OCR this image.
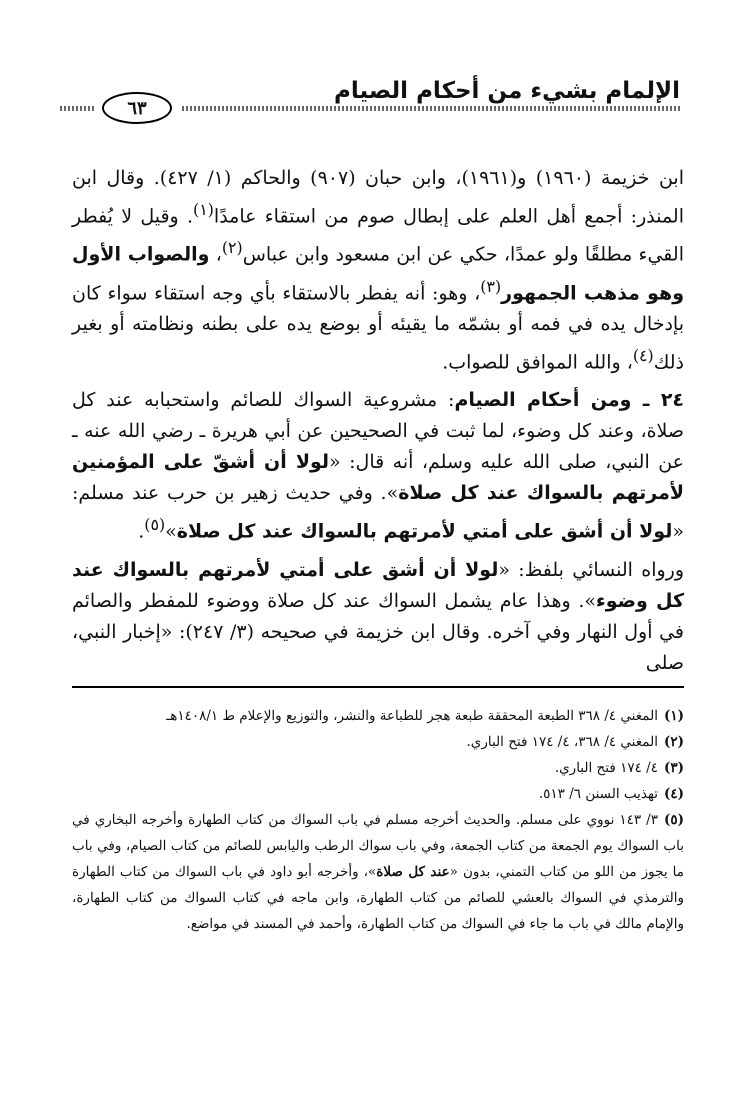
الإلمام بشيء من أحكام الصيام
٦٣

ابن خزيمة (١٩٦٠) و(١٩٦١)، وابن حبان (٩٠٧) والحاكم (١/ ٤٢٧). وقال ابن المنذر: أجمع أهل العلم على إبطال صوم من استقاء عامدًا$^{(١)}$. وقيل لا يُفطر القيء مطلقًا ولو عمدًا، حكي عن ابن مسعود وابن عباس$^{(٢)}$، والصواب الأول وهو مذهب الجمهور$^{(٣)}$، وهو: أنه يفطر بالاستقاء بأي وجه استقاء سواء كان بإدخال يده في فمه أو بشمّه ما يقيئه أو بوضع يده على بطنه ونظامته أو بغير ذلك$^{(٤)}$، والله الموافق للصواب.

٢٤ ـ ومن أحكام الصيام: مشروعية السواك للصائم واستحبابه عند كل صلاة، وعند كل وضوء، لما ثبت في الصحيحين عن أبي هريرة ـ رضي الله عنه ـ عن النبي، صلى الله عليه وسلم، أنه قال: «لولا أن أشقّ على المؤمنين لأمرتهم بالسواك عند كل صلاة». وفي حديث زهير بن حرب عند مسلم: «لولا أن أشق على أمتي لأمرتهم بالسواك عند كل صلاة»$^{(٥)}$.

ورواه النسائي بلفظ: «لولا أن أشق على أمتي لأمرتهم بالسواك عند كل وضوء». وهذا عام يشمل السواك عند كل صلاة ووضوء للمفطر والصائم في أول النهار وفي آخره. وقال ابن خزيمة في صحيحه (٣/ ٢٤٧): «إخبار النبي، صلى

(١)المغني ٤/ ٣٦٨ الطبعة المحققة طبعة هجر للطباعة والنشر، والتوزيع والإعلام ط ١٤٠٨/١هـ

(٢)المغني ٤/ ٣٦٨، ٤/ ١٧٤ فتح الباري.

(٣)٤/ ١٧٤ فتح الباري.

(٤)تهذيب السنن ٦/ ٥١٣.

(٥)٣/ ١٤٣ نووي على مسلم. والحديث أخرجه مسلم في باب السواك من كتاب الطهارة وأخرجه البخاري في باب السواك يوم الجمعة من كتاب الجمعة، وفي باب سواك الرطب واليابس للصائم من كتاب الصيام، وفي باب ما يجوز من اللو من كتاب التمني، بدون «عند كل صلاة»، وأخرجه أبو داود في باب السواك من كتاب الطهارة والترمذي في السواك بالعشي للصائم من كتاب الطهارة، وابن ماجه في كتاب السواك من كتاب الطهارة، والإمام مالك في باب ما جاء في السواك من كتاب الطهارة، وأحمد في المسند في مواضع.
